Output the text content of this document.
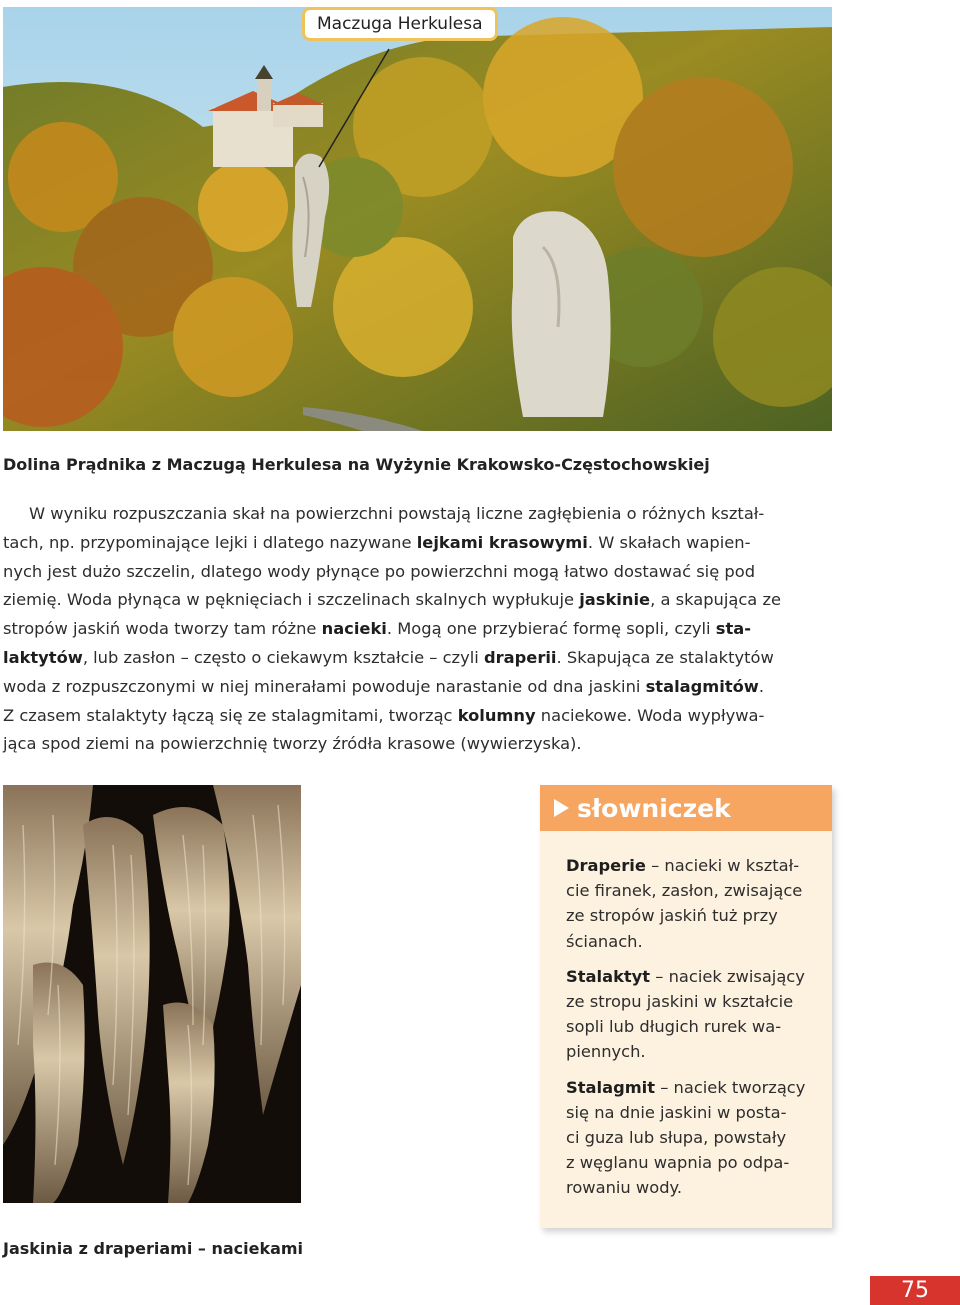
Maczuga Herkulesa
Dolina Prądnika z Maczugą Herkulesa na Wyżynie Krakowsko-Częstochowskiej
W wyniku rozpuszczania skał na powierzchni powstają liczne zagłębienia o różnych kształ-
tach, np. przypominające lejki i dlatego nazywane lejkami krasowymi. W skałach wapien-
nych jest dużo szczelin, dlatego wody płynące po powierzchni mogą łatwo dostawać się pod
ziemię. Woda płynąca w pęknięciach i szczelinach skalnych wypłukuje jaskinie, a skapująca ze
stropów jaskiń woda tworzy tam różne nacieki. Mogą one przybierać formę sopli, czyli sta-
laktytów, lub zasłon – często o ciekawym kształcie – czyli draperii. Skapująca ze stalaktytów
woda z rozpuszczonymi w niej minerałami powoduje narastanie od dna jaskini stalagmitów.
Z czasem stalaktyty łączą się ze stalagmitami, tworząc kolumny naciekowe. Woda wypływa-
jąca spod ziemi na powierzchnię tworzy źródła krasowe (wywierzyska).
Jaskinia z draperiami – naciekami
słowniczek
Draperie – nacieki w kształ-
cie firanek, zasłon, zwisające
ze stropów jaskiń tuż przy
ścianach.
Stalaktyt – naciek zwisający
ze stropu jaskini w kształcie
sopli lub długich rurek wa-
piennych.
Stalagmit – naciek tworzący
się na dnie jaskini w posta-
ci guza lub słupa, powstały
z węglanu wapnia po odpa-
rowaniu wody.
75
